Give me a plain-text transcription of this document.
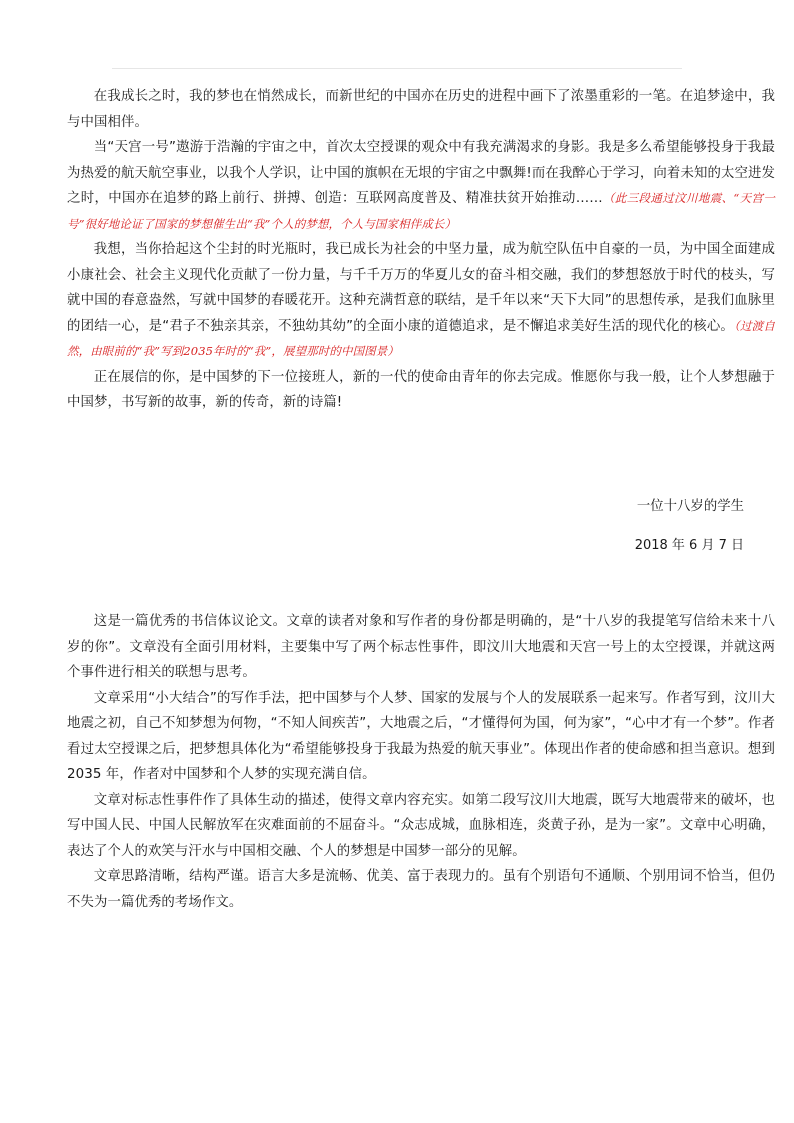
在我成长之时，我的梦也在悄然成长，而新世纪的中国亦在历史的进程中画下了浓墨重彩的一笔。在追梦途中，我与中国相伴。

当“天宫一号”遨游于浩瀚的宇宙之中，首次太空授课的观众中有我充满渴求的身影。我是多么希望能够投身于我最为热爱的航天航空事业，以我个人学识，让中国的旗帜在无垠的宇宙之中飘舞!而在我醉心于学习，向着未知的太空进发之时，中国亦在追梦的路上前行、拼搏、创造：互联网高度普及、精准扶贫开始推动……（此三段通过汶川地震、“天宫一号”很好地论证了国家的梦想催生出“我”个人的梦想，个人与国家相伴成长）

我想，当你拾起这个尘封的时光瓶时，我已成长为社会的中坚力量，成为航空队伍中自豪的一员，为中国全面建成小康社会、社会主义现代化贡献了一份力量，与千千万万的华夏儿女的奋斗相交融，我们的梦想怒放于时代的枝头，写就中国的春意盎然，写就中国梦的春暖花开。这种充满哲意的联结，是千年以来“天下大同”的思想传承，是我们血脉里的团结一心，是“君子不独亲其亲，不独幼其幼”的全面小康的道德追求，是不懈追求美好生活的现代化的核心。（过渡自然，由眼前的“我”写到2035年时的“我”，展望那时的中国图景）

正在展信的你，是中国梦的下一位接班人，新的一代的使命由青年的你去完成。惟愿你与我一般，让个人梦想融于中国梦，书写新的故事，新的传奇，新的诗篇!

一位十八岁的学生
2018 年 6 月 7 日

这是一篇优秀的书信体议论文。文章的读者对象和写作者的身份都是明确的，是“十八岁的我提笔写信给未来十八岁的你”。文章没有全面引用材料，主要集中写了两个标志性事件，即汶川大地震和天宫一号上的太空授课，并就这两个事件进行相关的联想与思考。

文章采用“小大结合”的写作手法，把中国梦与个人梦、国家的发展与个人的发展联系一起来写。作者写到，汶川大地震之初，自己不知梦想为何物，“不知人间疾苦”，大地震之后，“才懂得何为国，何为家”，“心中才有一个梦”。作者看过太空授课之后，把梦想具体化为“希望能够投身于我最为热爱的航天事业”。体现出作者的使命感和担当意识。想到 2035 年，作者对中国梦和个人梦的实现充满自信。

文章对标志性事件作了具体生动的描述，使得文章内容充实。如第二段写汶川大地震，既写大地震带来的破坏，也写中国人民、中国人民解放军在灾难面前的不屈奋斗。“众志成城，血脉相连，炎黄子孙，是为一家”。文章中心明确，表达了个人的欢笑与汗水与中国相交融、个人的梦想是中国梦一部分的见解。

文章思路清晰，结构严谨。语言大多是流畅、优美、富于表现力的。虽有个别语句不通顺、个别用词不恰当，但仍不失为一篇优秀的考场作文。
